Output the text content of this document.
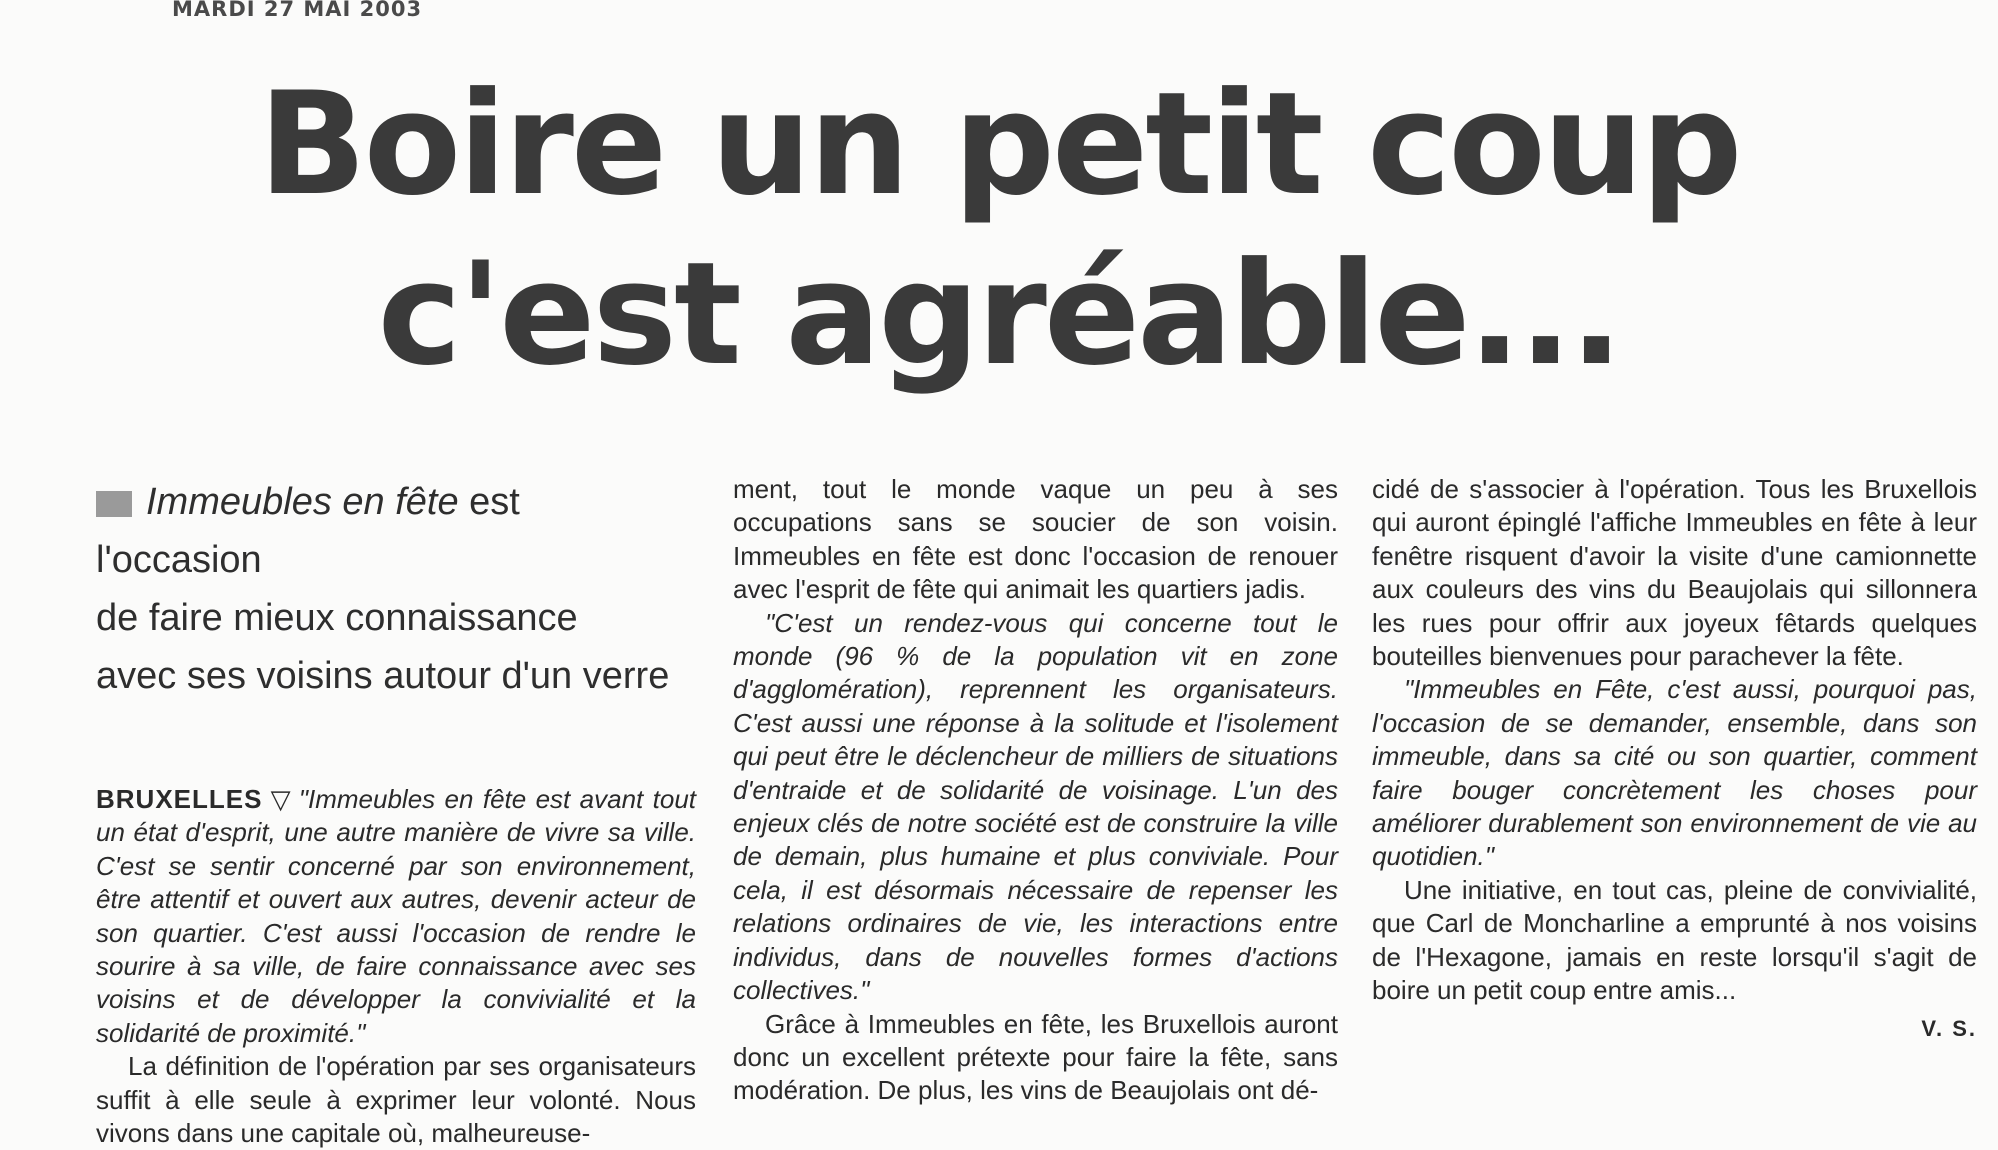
MARDI 27 MAI 2003
Boire un petit coup
c'est agréable...
Immeubles en fête est l'occasion
de faire mieux connaissance
avec ses voisins autour d'un verre

BRUXELLES ▽ "Immeubles en fête est avant tout un état d'esprit, une autre manière de vivre sa ville. C'est se sentir concerné par son environnement, être attentif et ouvert aux autres, devenir acteur de son quartier. C'est aussi l'occasion de rendre le sourire à sa ville, de faire connaissance avec ses voisins et de développer la convivialité et la solidarité de proximité."

La définition de l'opération par ses organisateurs suffit à elle seule à exprimer leur volonté. Nous vivons dans une capitale où, malheureuse-

ment, tout le monde vaque un peu à ses occupations sans se soucier de son voisin. Immeubles en fête est donc l'occasion de renouer avec l'esprit de fête qui animait les quartiers jadis.

"C'est un rendez-vous qui concerne tout le monde (96 % de la population vit en zone d'agglomération), reprennent les organisateurs. C'est aussi une réponse à la solitude et l'isolement qui peut être le déclencheur de milliers de situations d'entraide et de solidarité de voisinage. L'un des enjeux clés de notre société est de construire la ville de demain, plus humaine et plus conviviale. Pour cela, il est désormais nécessaire de repenser les relations ordinaires de vie, les interactions entre individus, dans de nouvelles formes d'actions collectives."

Grâce à Immeubles en fête, les Bruxellois auront donc un excellent prétexte pour faire la fête, sans modération. De plus, les vins de Beaujolais ont dé-

cidé de s'associer à l'opération. Tous les Bruxellois qui auront épinglé l'affiche Immeubles en fête à leur fenêtre risquent d'avoir la visite d'une camionnette aux couleurs des vins du Beaujolais qui sillonnera les rues pour offrir aux joyeux fêtards quelques bouteilles bienvenues pour parachever la fête.

"Immeubles en Fête, c'est aussi, pourquoi pas, l'occasion de se demander, ensemble, dans son immeuble, dans sa cité ou son quartier, comment faire bouger concrètement les choses pour améliorer durablement son environnement de vie au quotidien."

Une initiative, en tout cas, pleine de convivialité, que Carl de Moncharline a emprunté à nos voisins de l'Hexagone, jamais en reste lorsqu'il s'agit de boire un petit coup entre amis...

V. S.
